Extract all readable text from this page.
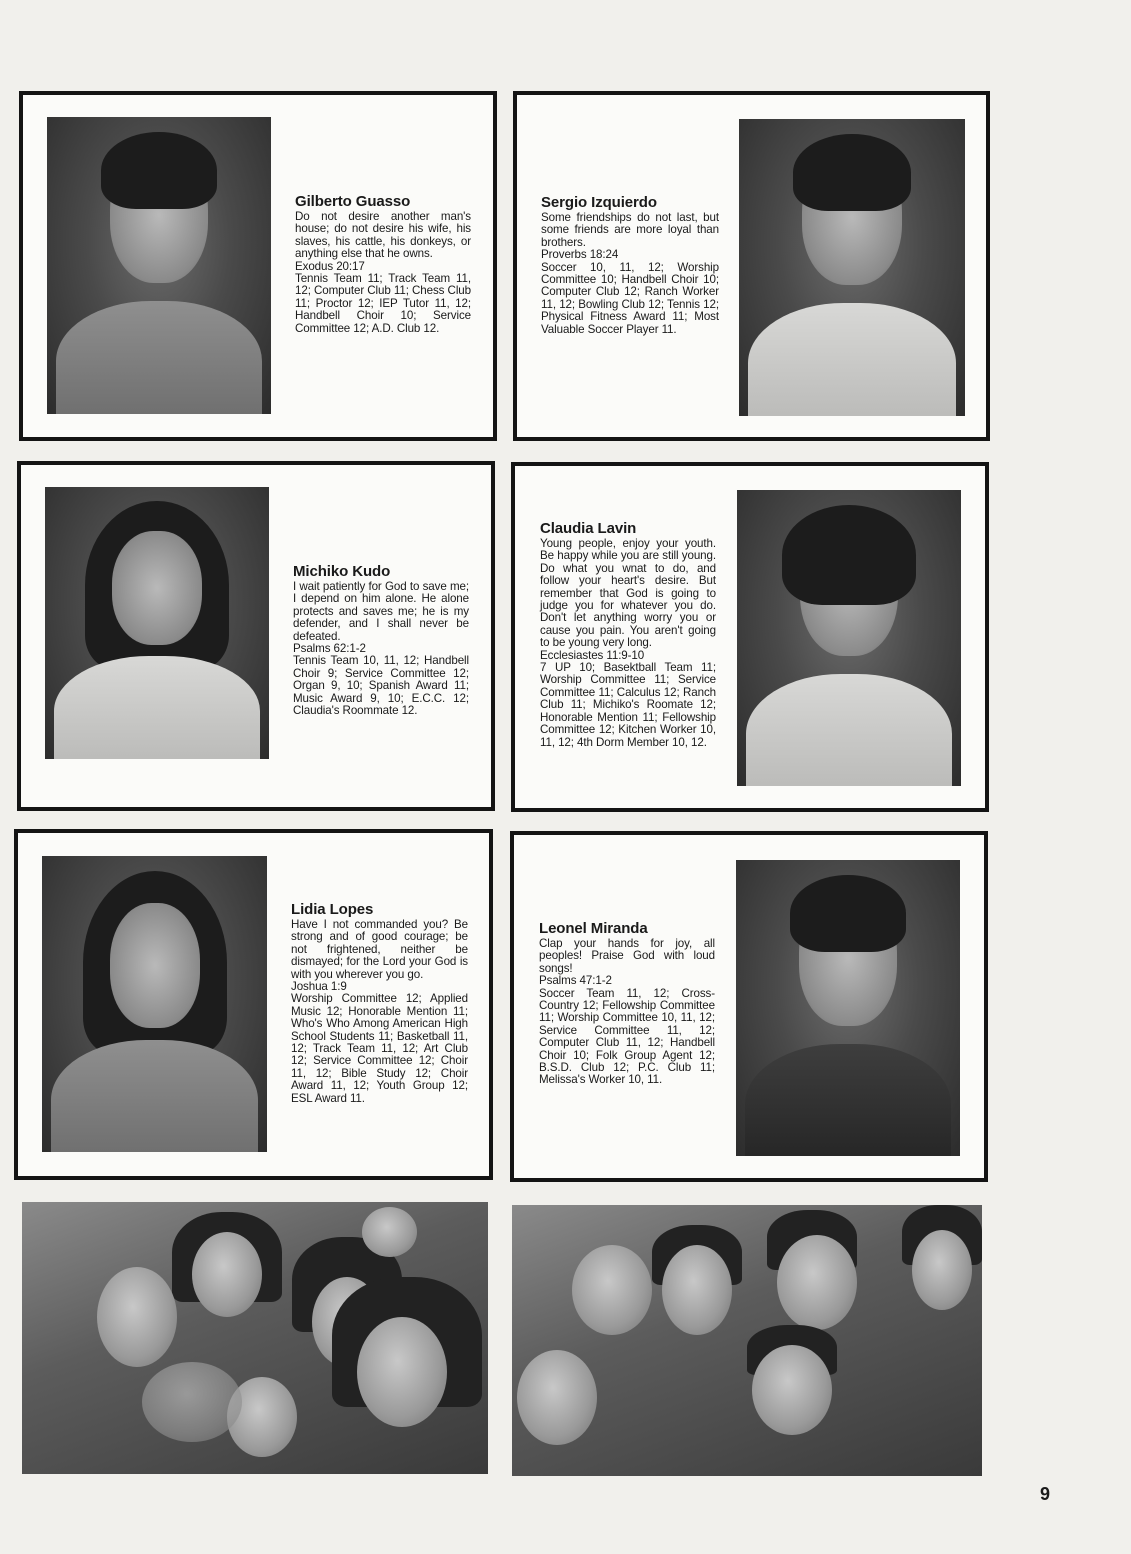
Gilberto Guasso
Do not desire another man's house; do not desire his wife, his slaves, his cattle, his donkeys, or anything else that he owns.
Exodus 20:17
Tennis Team 11; Track Team 11, 12; Computer Club 11; Chess Club 11; Proctor 12; IEP Tutor 11, 12; Handbell Choir 10; Service Committee 12; A.D. Club 12.
Sergio Izquierdo
Some friendships do not last, but some friends are more loyal than brothers.
Proverbs 18:24
Soccer 10, 11, 12; Worship Committee 10; Handbell Choir 10; Computer Club 12; Ranch Worker 11, 12; Bowling Club 12; Tennis 12; Physical Fitness Award 11; Most Valuable Soccer Player 11.
Michiko Kudo
I wait patiently for God to save me; I depend on him alone. He alone protects and saves me; he is my defender, and I shall never be defeated.
Psalms 62:1-2
Tennis Team 10, 11, 12; Handbell Choir 9; Service Committee 12; Organ 9, 10; Spanish Award 11; Music Award 9, 10; E.C.C. 12; Claudia's Roommate 12.
Claudia Lavin
Young people, enjoy your youth. Be happy while you are still young. Do what you wnat to do, and follow your heart's desire. But remember that God is going to judge you for whatever you do. Don't let anything worry you or cause you pain. You aren't going to be young very long.
Ecclesiastes 11:9-10
7 UP 10; Basektball Team 11; Worship Committee 11; Service Committee 11; Calculus 12; Ranch Club 11; Michiko's Roomate 12; Honorable Mention 11; Fellowship Committee 12; Kitchen Worker 10, 11, 12; 4th Dorm Member 10, 12.
Lidia Lopes
Have I not commanded you? Be strong and of good courage; be not frightened, neither be dismayed; for the Lord your God is with you wherever you go.
Joshua 1:9
Worship Committee 12; Applied Music 12; Honorable Mention 11; Who's Who Among American High School Students 11; Basketball 11, 12; Track Team 11, 12; Art Club 12; Service Committee 12; Choir 11, 12; Bible Study 12; Choir Award 11, 12; Youth Group 12; ESL Award 11.
Leonel Miranda
Clap your hands for joy, all peoples! Praise God with loud songs!
Psalms 47:1-2
Soccer Team 11, 12; Cross-Country 12; Fellowship Committee 11; Worship Committee 10, 11, 12; Service Committee 11, 12; Computer Club 11, 12; Handbell Choir 10; Folk Group Agent 12; B.S.D. Club 12; P.C. Club 11; Melissa's Worker 10, 11.
9
